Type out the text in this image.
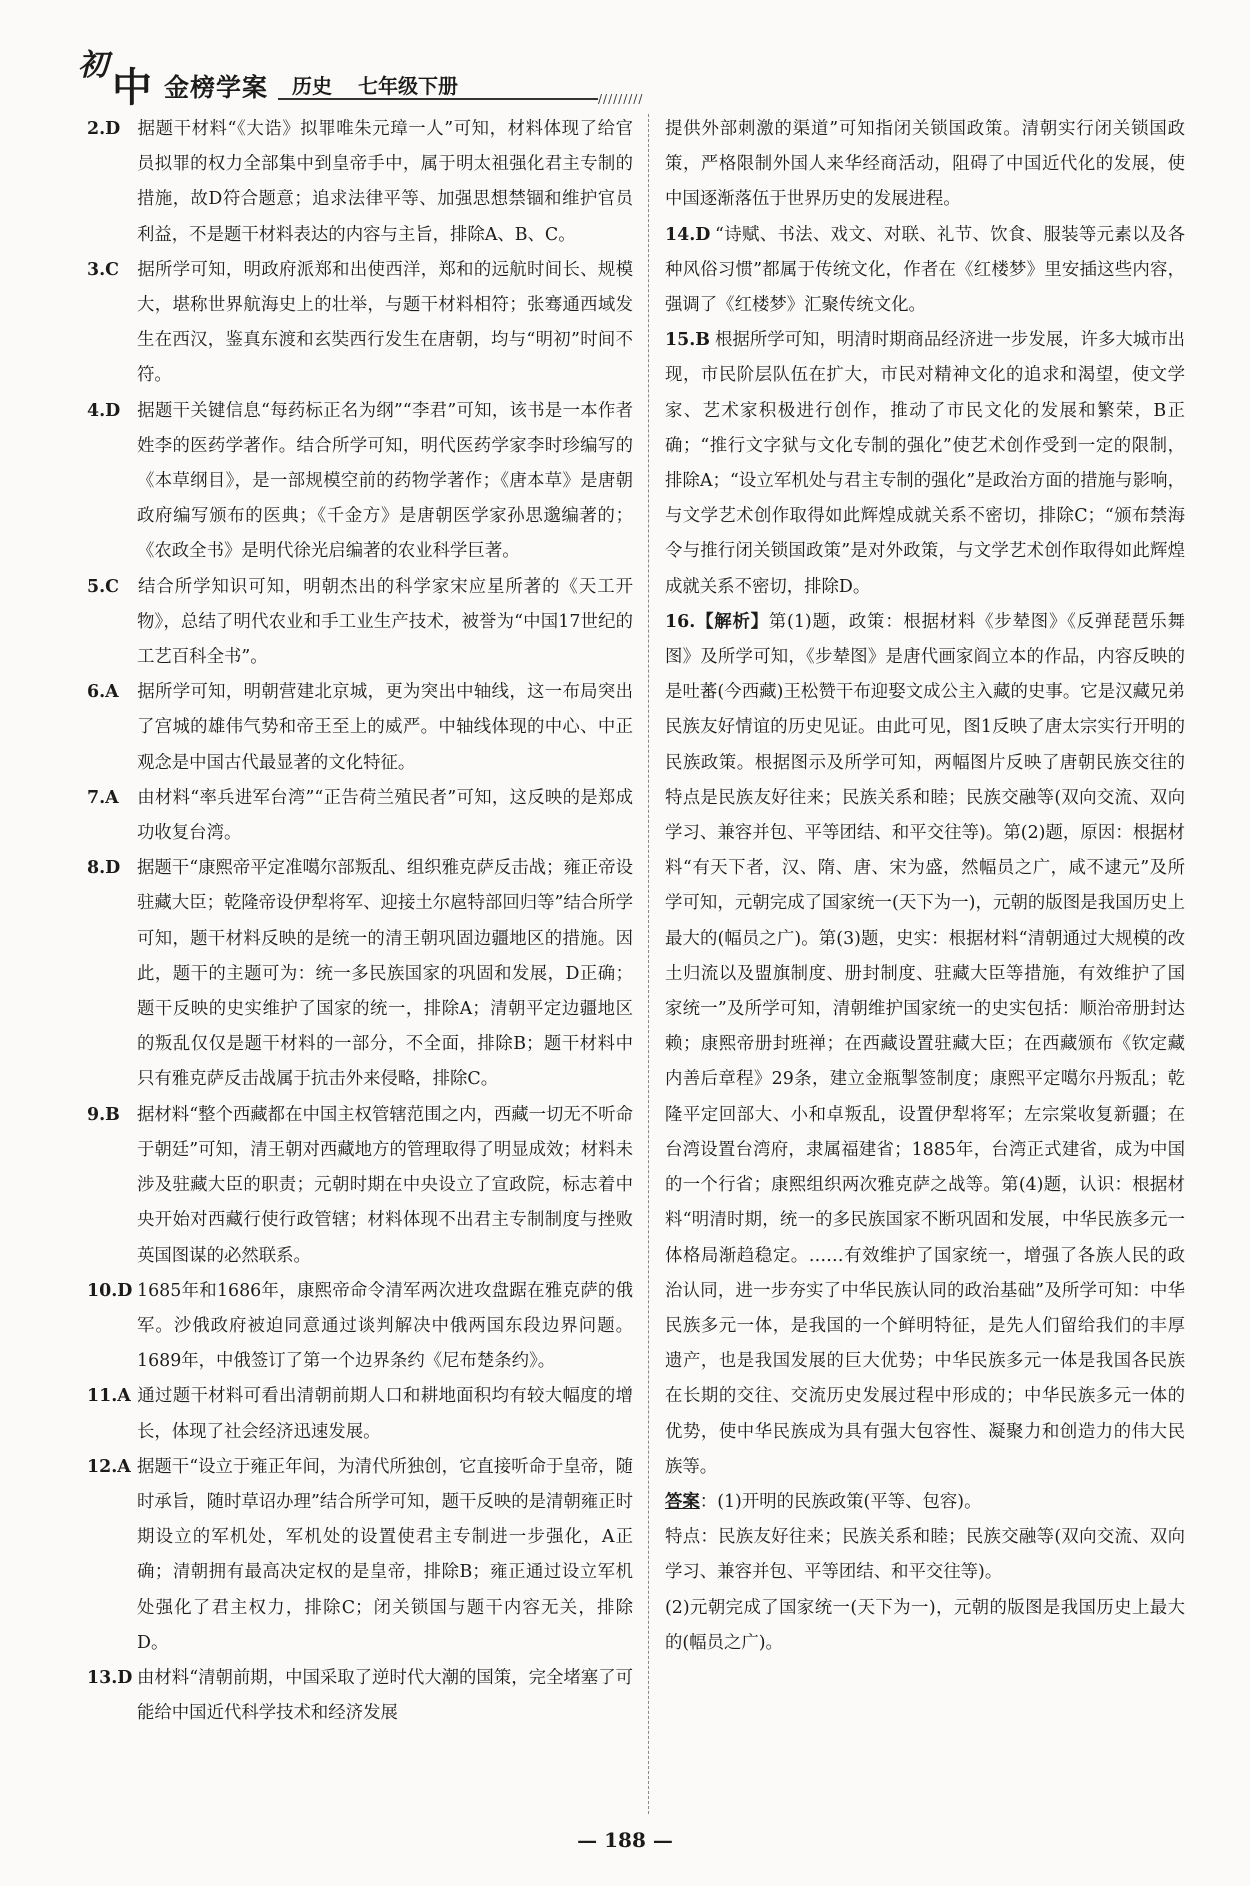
初 中 金榜学案 历史 七年级下册
/////////

2.D 据题干材料“《大诰》拟罪唯朱元璋一人”可知，材料体现了给官员拟罪的权力全部集中到皇帝手中，属于明太祖强化君主专制的措施，故D符合题意；追求法律平等、加强思想禁锢和维护官员利益，不是题干材料表达的内容与主旨，排除A、B、C。

3.C 据所学可知，明政府派郑和出使西洋，郑和的远航时间长、规模大，堪称世界航海史上的壮举，与题干材料相符；张骞通西域发生在西汉，鉴真东渡和玄奘西行发生在唐朝，均与“明初”时间不符。

4.D 据题干关键信息“每药标正名为纲”“李君”可知，该书是一本作者姓李的医药学著作。结合所学可知，明代医药学家李时珍编写的《本草纲目》，是一部规模空前的药物学著作；《唐本草》是唐朝政府编写颁布的医典；《千金方》是唐朝医学家孙思邈编著的；《农政全书》是明代徐光启编著的农业科学巨著。

5.C 结合所学知识可知，明朝杰出的科学家宋应星所著的《天工开物》，总结了明代农业和手工业生产技术，被誉为“中国17世纪的工艺百科全书”。

6.A 据所学可知，明朝营建北京城，更为突出中轴线，这一布局突出了宫城的雄伟气势和帝王至上的威严。中轴线体现的中心、中正观念是中国古代最显著的文化特征。

7.A 由材料“率兵进军台湾”“正告荷兰殖民者”可知，这反映的是郑成功收复台湾。

8.D 据题干“康熙帝平定准噶尔部叛乱、组织雅克萨反击战；雍正帝设驻藏大臣；乾隆帝设伊犁将军、迎接土尔扈特部回归等”结合所学可知，题干材料反映的是统一的清王朝巩固边疆地区的措施。因此，题干的主题可为：统一多民族国家的巩固和发展，D正确；题干反映的史实维护了国家的统一，排除A；清朝平定边疆地区的叛乱仅仅是题干材料的一部分，不全面，排除B；题干材料中只有雅克萨反击战属于抗击外来侵略，排除C。

9.B 据材料“整个西藏都在中国主权管辖范围之内，西藏一切无不听命于朝廷”可知，清王朝对西藏地方的管理取得了明显成效；材料未涉及驻藏大臣的职责；元朝时期在中央设立了宣政院，标志着中央开始对西藏行使行政管辖；材料体现不出君主专制制度与挫败英国图谋的必然联系。

10.D 1685年和1686年，康熙帝命令清军两次进攻盘踞在雅克萨的俄军。沙俄政府被迫同意通过谈判解决中俄两国东段边界问题。1689年，中俄签订了第一个边界条约《尼布楚条约》。

11.A 通过题干材料可看出清朝前期人口和耕地面积均有较大幅度的增长，体现了社会经济迅速发展。

12.A 据题干“设立于雍正年间，为清代所独创，它直接听命于皇帝，随时承旨，随时草诏办理”结合所学可知，题干反映的是清朝雍正时期设立的军机处，军机处的设置使君主专制进一步强化，A正确；清朝拥有最高决定权的是皇帝，排除B；雍正通过设立军机处强化了君主权力，排除C；闭关锁国与题干内容无关，排除D。

13.D 由材料“清朝前期，中国采取了逆时代大潮的国策，完全堵塞了可能给中国近代科学技术和经济发展

提供外部刺激的渠道”可知指闭关锁国政策。清朝实行闭关锁国政策，严格限制外国人来华经商活动，阻碍了中国近代化的发展，使中国逐渐落伍于世界历史的发展进程。

14.D “诗赋、书法、戏文、对联、礼节、饮食、服装等元素以及各种风俗习惯”都属于传统文化，作者在《红楼梦》里安插这些内容，强调了《红楼梦》汇聚传统文化。

15.B 根据所学可知，明清时期商品经济进一步发展，许多大城市出现，市民阶层队伍在扩大，市民对精神文化的追求和渴望，使文学家、艺术家积极进行创作，推动了市民文化的发展和繁荣，B正确；“推行文字狱与文化专制的强化”使艺术创作受到一定的限制，排除A；“设立军机处与君主专制的强化”是政治方面的措施与影响，与文学艺术创作取得如此辉煌成就关系不密切，排除C；“颁布禁海令与推行闭关锁国政策”是对外政策，与文学艺术创作取得如此辉煌成就关系不密切，排除D。

16.【解析】第(1)题，政策：根据材料《步辇图》《反弹琵琶乐舞图》及所学可知，《步辇图》是唐代画家阎立本的作品，内容反映的是吐蕃(今西藏)王松赞干布迎娶文成公主入藏的史事。它是汉藏兄弟民族友好情谊的历史见证。由此可见，图1反映了唐太宗实行开明的民族政策。根据图示及所学可知，两幅图片反映了唐朝民族交往的特点是民族友好往来；民族关系和睦；民族交融等(双向交流、双向学习、兼容并包、平等团结、和平交往等)。第(2)题，原因：根据材料“有天下者，汉、隋、唐、宋为盛，然幅员之广，咸不逮元”及所学可知，元朝完成了国家统一(天下为一)，元朝的版图是我国历史上最大的(幅员之广)。第(3)题，史实：根据材料“清朝通过大规模的改土归流以及盟旗制度、册封制度、驻藏大臣等措施，有效维护了国家统一”及所学可知，清朝维护国家统一的史实包括：顺治帝册封达赖；康熙帝册封班禅；在西藏设置驻藏大臣；在西藏颁布《钦定藏内善后章程》29条，建立金瓶掣签制度；康熙平定噶尔丹叛乱；乾隆平定回部大、小和卓叛乱，设置伊犁将军；左宗棠收复新疆；在台湾设置台湾府，隶属福建省；1885年，台湾正式建省，成为中国的一个行省；康熙组织两次雅克萨之战等。第(4)题，认识：根据材料“明清时期，统一的多民族国家不断巩固和发展，中华民族多元一体格局渐趋稳定。……有效维护了国家统一，增强了各族人民的政治认同，进一步夯实了中华民族认同的政治基础”及所学可知：中华民族多元一体，是我国的一个鲜明特征，是先人们留给我们的丰厚遗产，也是我国发展的巨大优势；中华民族多元一体是我国各民族在长期的交往、交流历史发展过程中形成的；中华民族多元一体的优势，使中华民族成为具有强大包容性、凝聚力和创造力的伟大民族等。

答案：(1)开明的民族政策(平等、包容)。

特点：民族友好往来；民族关系和睦；民族交融等(双向交流、双向学习、兼容并包、平等团结、和平交往等)。

(2)元朝完成了国家统一(天下为一)，元朝的版图是我国历史上最大的(幅员之广)。

— 188 —
